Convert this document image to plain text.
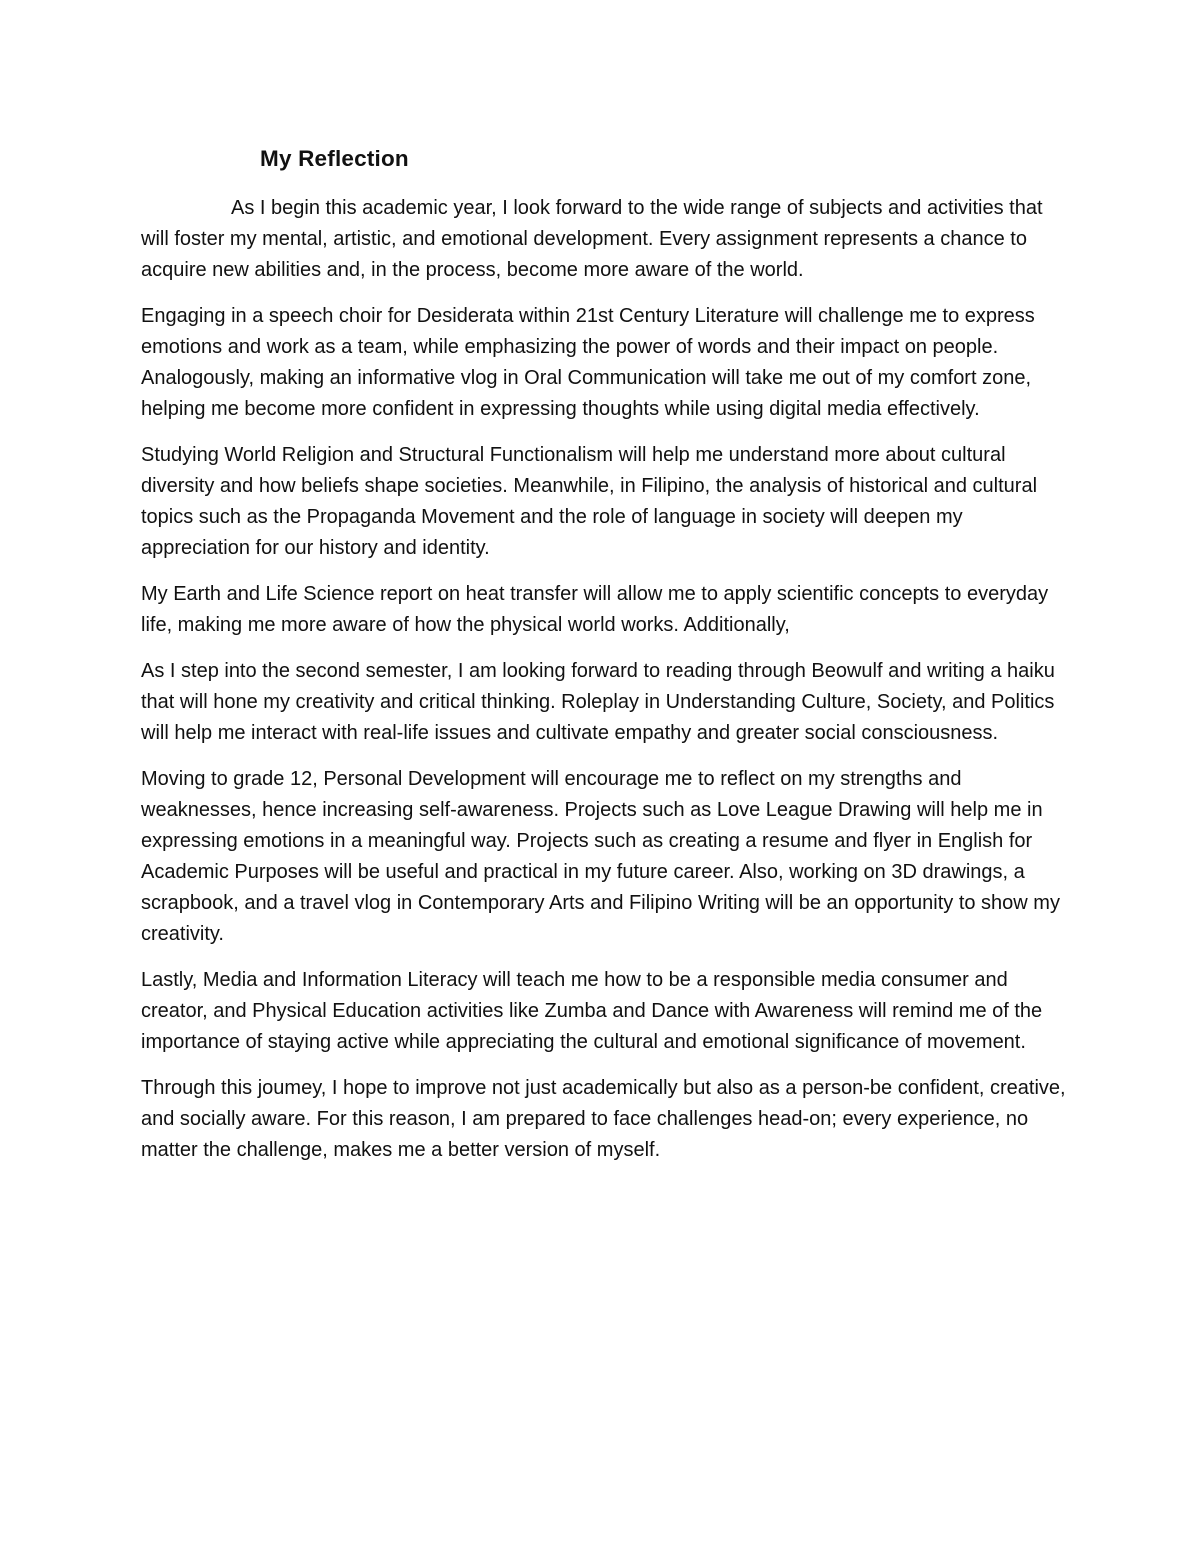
My Reflection

As I begin this academic year, I look forward to the wide range of subjects and activities that will foster my mental, artistic, and emotional development. Every assignment represents a chance to acquire new abilities and, in the process, become more aware of the world.

Engaging in a speech choir for Desiderata within 21st Century Literature will challenge me to express emotions and work as a team, while emphasizing the power of words and their impact on people. Analogously, making an informative vlog in Oral Communication will take me out of my comfort zone, helping me become more confident in expressing thoughts while using digital media effectively.

Studying World Religion and Structural Functionalism will help me understand more about cultural diversity and how beliefs shape societies. Meanwhile, in Filipino, the analysis of historical and cultural topics such as the Propaganda Movement and the role of language in society will deepen my appreciation for our history and identity.

My Earth and Life Science report on heat transfer will allow me to apply scientific concepts to everyday life, making me more aware of how the physical world works. Additionally,

As I step into the second semester, I am looking forward to reading through Beowulf and writing a haiku that will hone my creativity and critical thinking. Roleplay in Understanding Culture, Society, and Politics will help me interact with real-life issues and cultivate empathy and greater social consciousness.

Moving to grade 12, Personal Development will encourage me to reflect on my strengths and weaknesses, hence increasing self-awareness. Projects such as Love League Drawing will help me in expressing emotions in a meaningful way. Projects such as creating a resume and flyer in English for Academic Purposes will be useful and practical in my future career. Also, working on 3D drawings, a scrapbook, and a travel vlog in Contemporary Arts and Filipino Writing will be an opportunity to show my creativity.

Lastly, Media and Information Literacy will teach me how to be a responsible media consumer and creator, and Physical Education activities like Zumba and Dance with Awareness will remind me of the importance of staying active while appreciating the cultural and emotional significance of movement.

Through this joumey, I hope to improve not just academically but also as a person-be confident, creative, and socially aware. For this reason, I am prepared to face challenges head-on; every experience, no matter the challenge, makes me a better version of myself.
